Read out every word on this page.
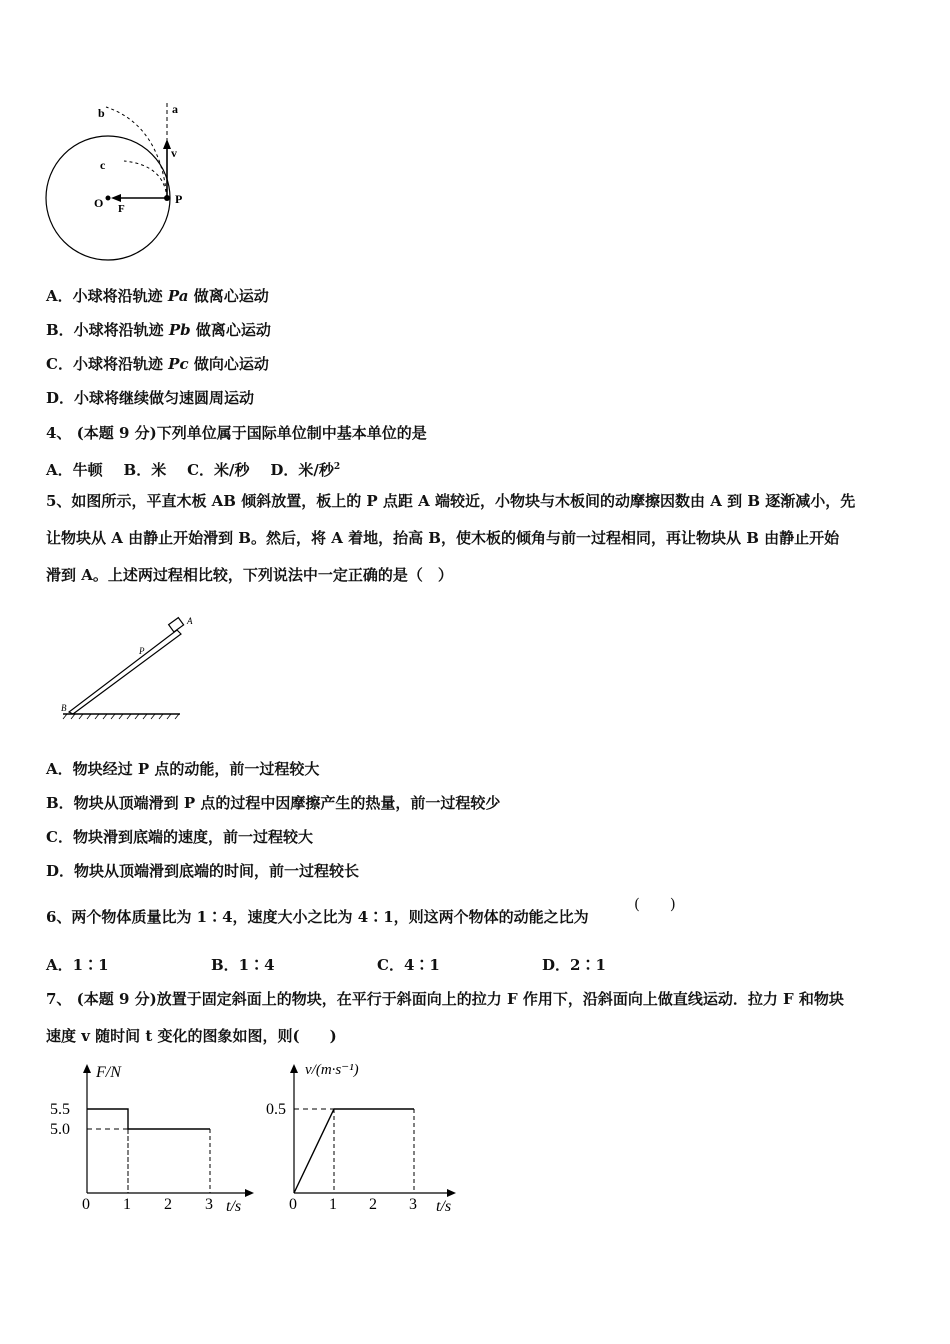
a
b
c
v
O F
P
A．小球将沿轨迹 Pa 做离心运动
B．小球将沿轨迹 Pb 做离心运动
C．小球将沿轨迹 Pc 做向心运动
D．小球将继续做匀速圆周运动
4、 (本题 9 分)下列单位属于国际单位制中基本单位的是
A．牛顿 B．米 C．米/秒 D．米/秒$^2$
5、如图所示，平直木板 AB 倾斜放置，板上的 P 点距 A 端较近，小物块与木板间的动摩擦因数由 A 到 B 逐渐减小，先
让物块从 A 由静止开始滑到 B。然后，将 A 着地，抬高 B，使木板的倾角与前一过程相同，再让物块从 B 由静止开始
滑到 A。上述两过程相比较，下列说法中一定正确的是（　）
A
B
P
A．物块经过 P 点的动能，前一过程较大
B．物块从顶端滑到 P 点的过程中因摩擦产生的热量，前一过程较少
C．物块滑到底端的速度，前一过程较大
D．物块从顶端滑到底端的时间，前一过程较长
6、两个物体质量比为 1∶4，速度大小之比为 4∶1，则这两个物体的动能之比为
(　　)
A．1∶1	B．1∶4	C．4∶1	D．2∶1
7、 (本题 9 分)放置于固定斜面上的物块，在平行于斜面向上的拉力 F 作用下，沿斜面向上做直线运动．拉力 F 和物块
速度 v 随时间 t 变化的图象如图，则(　　)
F/N
t/s
0 1 2 3
5.0
5.5
v/(m·s⁻¹)
t/s
0 1 2 3
0.5
